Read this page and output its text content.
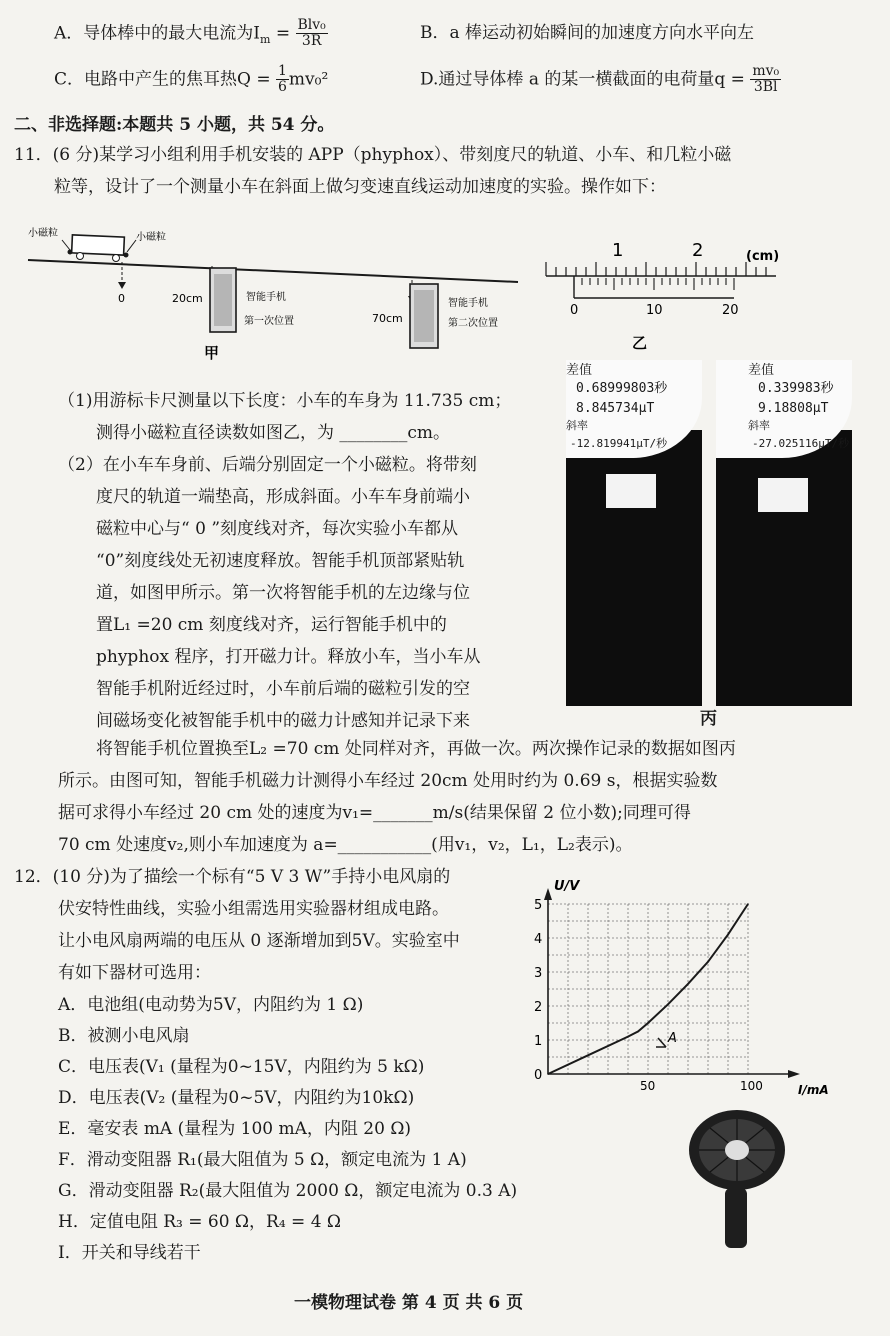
A．导体棒中的最大电流为$I_m = Blv_0$
3R	B．a 棒运动初始瞬间的加速度方向水平向左
C．电路中产生的焦耳热$Q = \frac{1}{6} mv_0^2$	D.通过导体棒 a 的某一横截面的电荷量$q = \frac{\text{mv₀}}{3Bl}$
二、非选择题:本题共 5 小题，共 54 分。
11．(6 分)某学习小组利用手机安装的 APP（phyphox）、带刻度尺的轨道、小车、和几粒小磁
粒等，设计了一个测量小车在斜面上做匀变速直线运动加速度的实验。操作如下：
小磁粒	小磁粒
0	20cm	智能手机
第一次位置	70cm
智能手机
第二次位置
甲
1	2	(cm)
0	10	20
乙
差值
0.68999803秒
8.845734μT
斜率
-12.819941μT/秒
差值
0.339983秒
9.18808μT
斜率
-27.025116μT/秒
丙
（1)用游标卡尺测量以下长度：小车的车身为 11.735 cm；
测得小磁粒直径读数如图乙，为 ________cm。
（2）在小车车身前、后端分别固定一个小磁粒。将带刻
度尺的轨道一端垫高，形成斜面。小车车身前端小
磁粒中心与“ 0 ”刻度线对齐，每次实验小车都从
“0”刻度线处无初速度释放。智能手机顶部紧贴轨
道，如图甲所示。第一次将智能手机的左边缘与位
置L₁ =20 cm 刻度线对齐，运行智能手机中的
phyphox 程序，打开磁力计。释放小车，当小车从
智能手机附近经过时，小车前后端的磁粒引发的空
间磁场变化被智能手机中的磁力计感知并记录下来
将智能手机位置换至L₂ =70 cm 处同样对齐，再做一次。两次操作记录的数据如图丙
所示。由图可知，智能手机磁力计测得小车经过 20cm 处用时约为 0.69 s，根据实验数
据可求得小车经过 20 cm 处的速度为v₁=_______m/s(结果保留 2 位小数);同理可得
70 cm 处速度v₂,则小车加速度为 a=___________(用v₁，v₂，L₁，L₂表示)。
12．(10 分)为了描绘一个标有“5 V 3 W”手持小电风扇的
伏安特性曲线，实验小组需选用实验器材组成电路。
让小电风扇两端的电压从 0 逐渐增加到5V。实验室中
有如下器材可选用：
A．电池组(电动势为5V，内阻约为 1 Ω)
B．被测小电风扇
C．电压表(V₁ (量程为0~15V，内阻约为 5 kΩ)
D．电压表(V₂ (量程为0~5V，内阻约为10kΩ)
E．毫安表 mA (量程为 100 mA，内阻 20 Ω)
F．滑动变阻器 R₁(最大阻值为 5 Ω，额定电流为 1 A)
G．滑动变阻器 R₂(最大阻值为 2000 Ω，额定电流为 0.3 A)
H．定值电阻 R₃ = 60 Ω，R₄ = 4 Ω
I．开关和导线若干
U/V
I/mA
0
1
2
3
4
5
50	100
A
一模物理试卷 第 4 页 共 6 页
